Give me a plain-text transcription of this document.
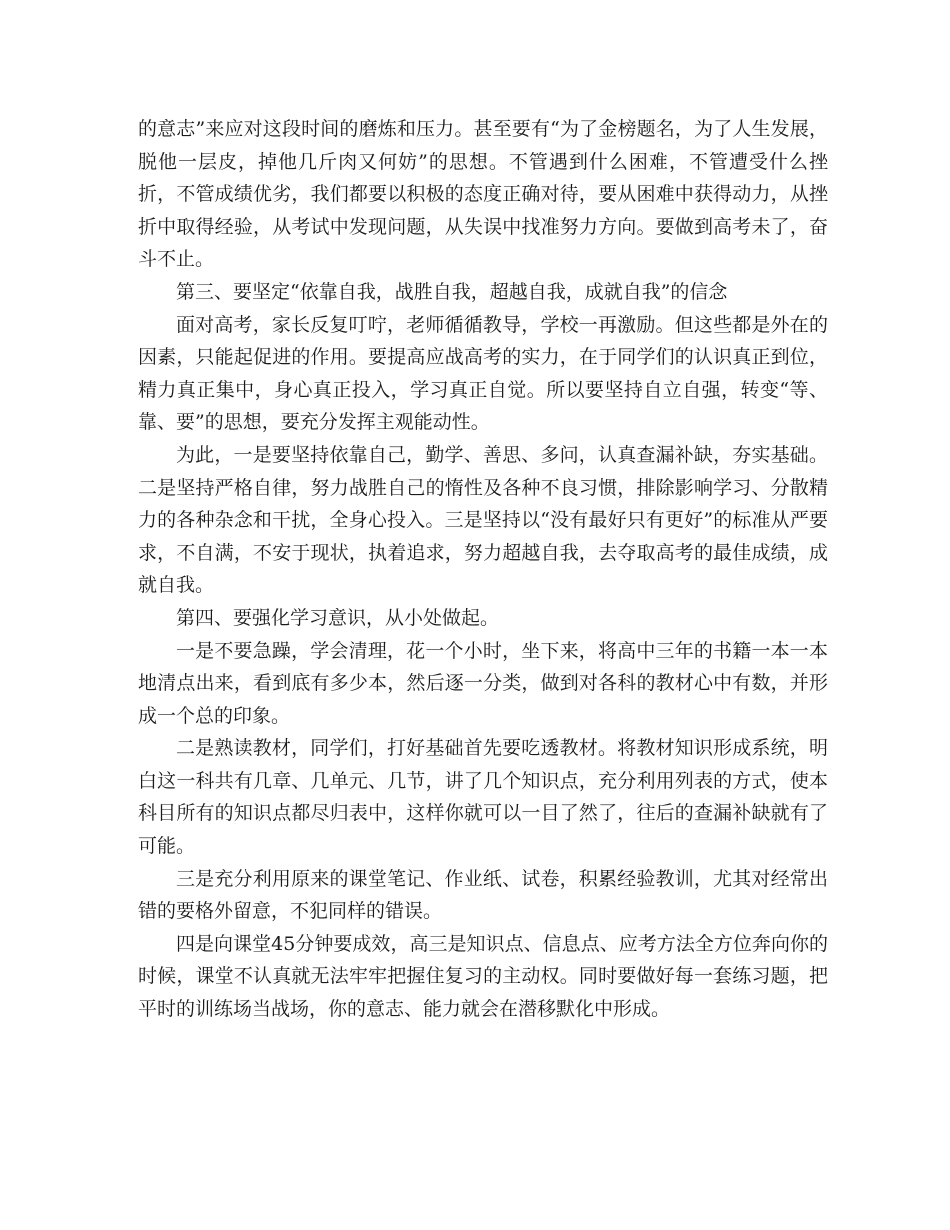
的意志”来应对这段时间的磨炼和压力。甚至要有“为了金榜题名，为了人生发展，脱他一层皮，掉他几斤肉又何妨”的思想。不管遇到什么困难，不管遭受什么挫折，不管成绩优劣，我们都要以积极的态度正确对待，要从困难中获得动力，从挫折中取得经验，从考试中发现问题，从失误中找准努力方向。要做到高考未了，奋斗不止。

第三、要坚定“依靠自我，战胜自我，超越自我，成就自我”的信念

面对高考，家长反复叮咛，老师循循教导，学校一再激励。但这些都是外在的因素，只能起促进的作用。要提高应战高考的实力，在于同学们的认识真正到位，精力真正集中，身心真正投入，学习真正自觉。所以要坚持自立自强，转变“等、靠、要”的思想，要充分发挥主观能动性。

为此，一是要坚持依靠自己，勤学、善思、多问，认真查漏补缺，夯实基础。二是坚持严格自律，努力战胜自己的惰性及各种不良习惯，排除影响学习、分散精力的各种杂念和干扰，全身心投入。三是坚持以“没有最好只有更好”的标准从严要求，不自满，不安于现状，执着追求，努力超越自我，去夺取高考的最佳成绩，成就自我。

第四、要强化学习意识，从小处做起。

一是不要急躁，学会清理，花一个小时，坐下来，将高中三年的书籍一本一本地清点出来，看到底有多少本，然后逐一分类，做到对各科的教材心中有数，并形成一个总的印象。

二是熟读教材，同学们，打好基础首先要吃透教材。将教材知识形成系统，明白这一科共有几章、几单元、几节，讲了几个知识点，充分利用列表的方式，使本科目所有的知识点都尽归表中，这样你就可以一目了然了，往后的查漏补缺就有了可能。

三是充分利用原来的课堂笔记、作业纸、试卷，积累经验教训，尤其对经常出错的要格外留意，不犯同样的错误。

四是向课堂45分钟要成效，高三是知识点、信息点、应考方法全方位奔向你的时候，课堂不认真就无法牢牢把握住复习的主动权。同时要做好每一套练习题，把平时的训练场当战场，你的意志、能力就会在潜移默化中形成。
